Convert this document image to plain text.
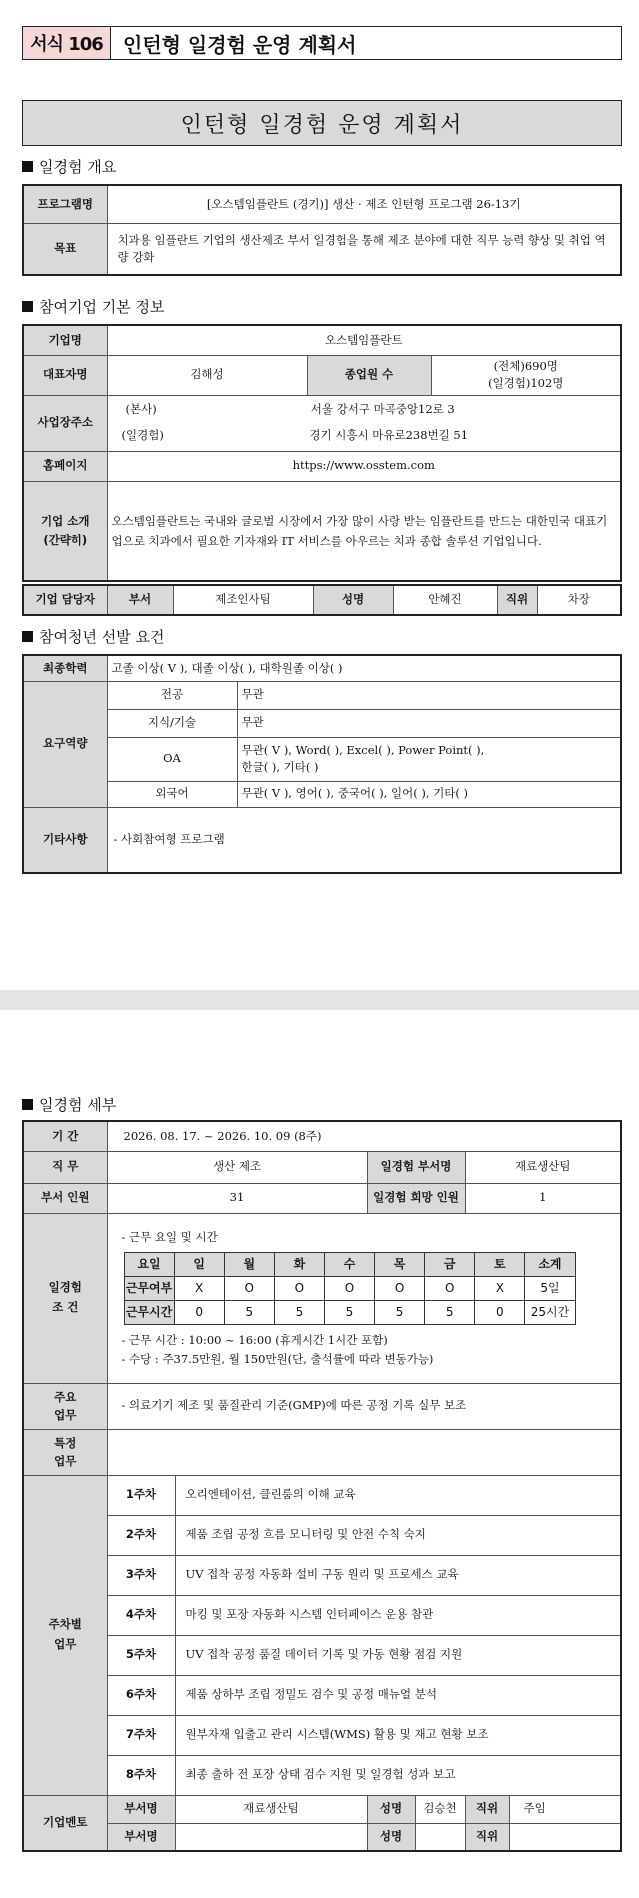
서식 106	인턴형 일경험 운영 계획서
인턴형 일경험 운영 계획서
일경험 개요
프로그램명	[오스템임플란트 (경기)] 생산 · 제조 인턴형 프로그램 26-13기
목표	치과용 임플란트 기업의 생산제조 부서 일경험을 통해 제조 분야에 대한 직무 능력 향상 및 취업 역량 강화
참여기업 기본 정보
기업명	오스템임플란트		
대표자명	김해성	종업원 수	(전체)690명
(일경험)102명

사업장주소	(본사) 서울 강서구 마곡중앙12로 3
(일경험) 경기 시흥시 마유로238번길 51		

홈페이지	https://www.osstem.com		

기업 소개
(간략히)	오스템임플란트는 국내와 글로벌 시장에서 가장 많이 사랑 받는 임플란트를 만드는 대한민국 대표기업으로 치과에서 필요한 기자재와 IT 서비스를 아우르는 치과 종합 솔루션 기업입니다.		
기업 담당자	부서	제조인사팀	성명	안혜진	직위	차장
참여청년 선발 요건
최종학력	고졸 이상( V ), 대졸 이상( ), 대학원졸 이상( )	
요구역량	전공	무관
	지식/기술	무관
	OA	무관( V ), Word( ), Excel( ), Power Point( ),
한글( ), 기타( )

	외국어	무관( V ), 영어( ), 중국어( ), 일어( ), 기타( )
기타사항	- 사회참여형 프로그램	
일경험 세부
기 간	2026. 08. 17. ~ 2026. 10. 09 (8주)
직 무	생산 제조	일경험 부서명	재료생산팀
부서 인원	31	일경험 희망 인원	1

일경험
조 건

- 근무 요일 및 시간
요일	일	월	화	수	목	금	토	소계
근무여부	X	O	O	O	O	O	X	5일
근무시간	0	5	5	5	5	5	0	25시간
- 근무 시간 : 10:00 ~ 16:00 (휴게시간 1시간 포함)
- 수당 : 주37.5만원, 월 150만원(단, 출석률에 따라 변동가능)

주요
업무
	- 의료기기 제조 및 품질관리 기준(GMP)에 따른 공정 기록 실무 보조

특정
업무

주차별
업무
	1주차	오리엔테이션, 클린룸의 이해 교육
2주차	제품 조립 공정 흐름 모니터링 및 안전 수칙 숙지
3주차	UV 접착 공정 자동화 설비 구동 원리 및 프로세스 교육
4주차	마킹 및 포장 자동화 시스템 인터페이스 운용 참관
5주차	UV 접착 공정 품질 데이터 기록 및 가동 현황 점검 지원
6주차	제품 상하부 조립 정밀도 검수 및 공정 매뉴얼 분석
7주차	원부자재 입출고 관리 시스템(WMS) 활용 및 재고 현황 보조
8주차	최종 출하 전 포장 상태 검수 지원 및 일경험 성과 보고
기업멘토	부서명	재료생산팀	성명	김승천	직위	주임
부서명		성명		직위	
